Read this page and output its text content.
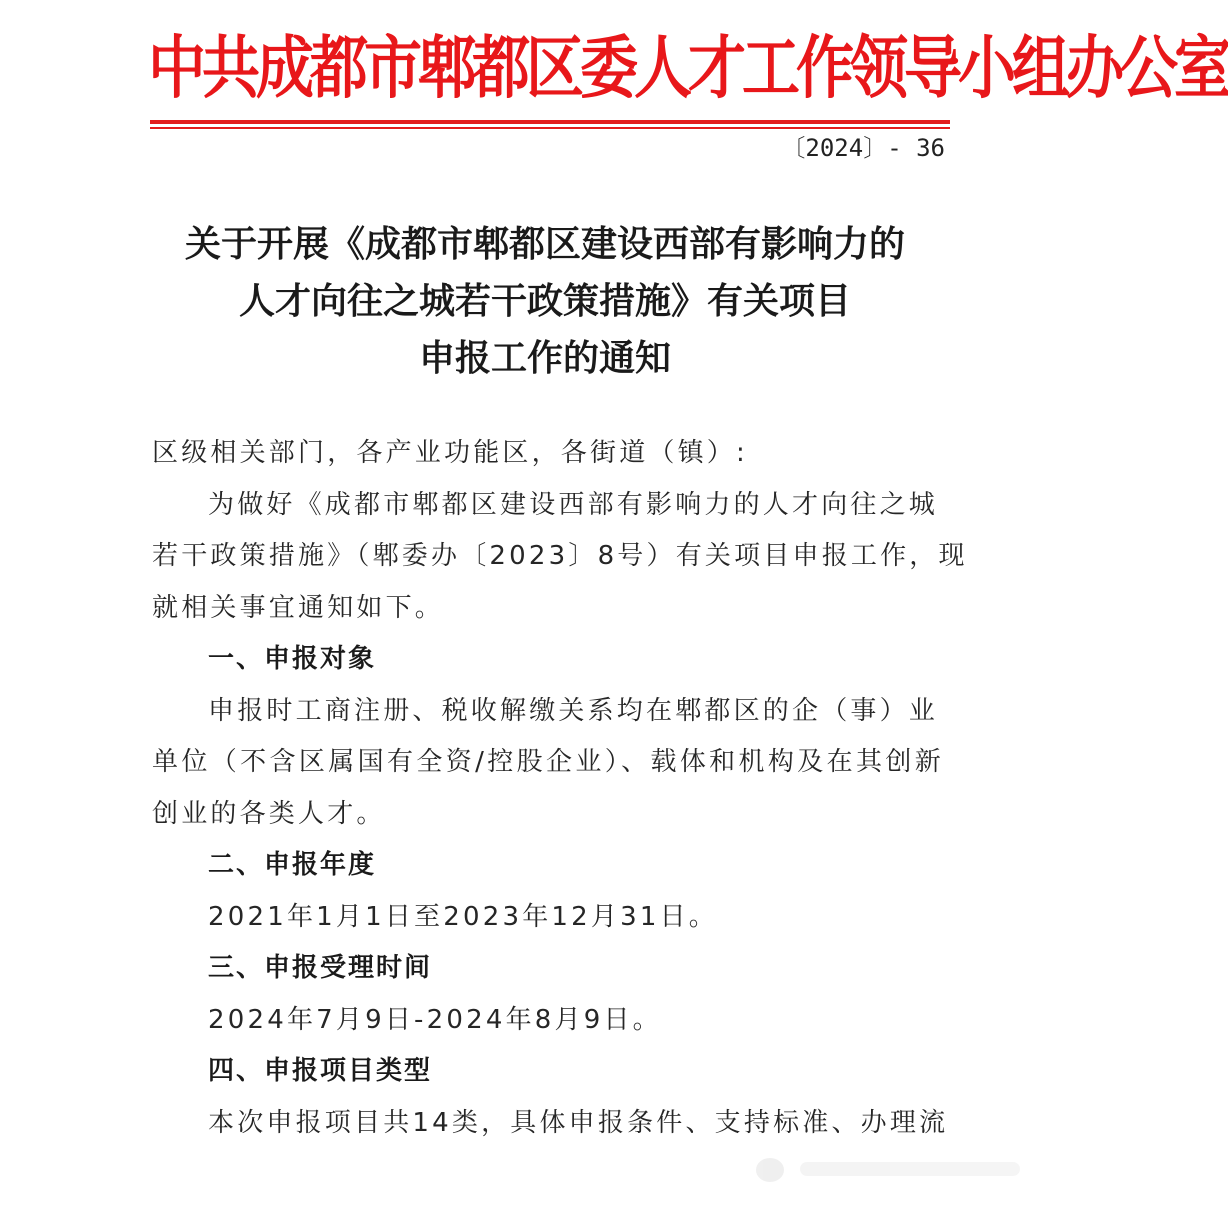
中共成都市郫都区委人才工作领导小组办公室
〔2024〕- 36
关于开展《成都市郫都区建设西部有影响力的
人才向往之城若干政策措施》有关项目
申报工作的通知
区级相关部门，各产业功能区，各街道（镇）:
为做好《成都市郫都区建设西部有影响力的人才向往之城
若干政策措施》（郫委办〔2023〕8号）有关项目申报工作，现
就相关事宜通知如下。
一、申报对象
申报时工商注册、税收解缴关系均在郫都区的企（事）业
单位（不含区属国有全资/控股企业）、载体和机构及在其创新
创业的各类人才。
二、申报年度
2021年1月1日至2023年12月31日。
三、申报受理时间
2024年7月9日-2024年8月9日。
四、申报项目类型
本次申报项目共14类，具体申报条件、支持标准、办理流
